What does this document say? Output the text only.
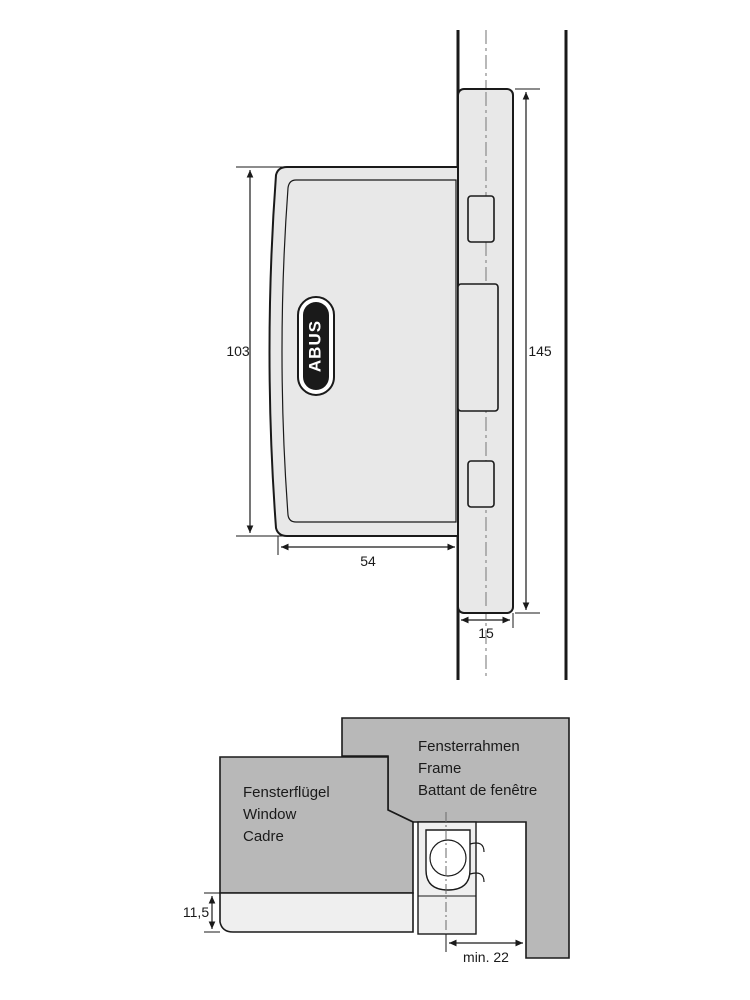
ABUS
103
54
145
15
Fensterflügel
Window
Cadre
Fensterrahmen
Frame
Battant de fenêtre
11,5
min. 22
